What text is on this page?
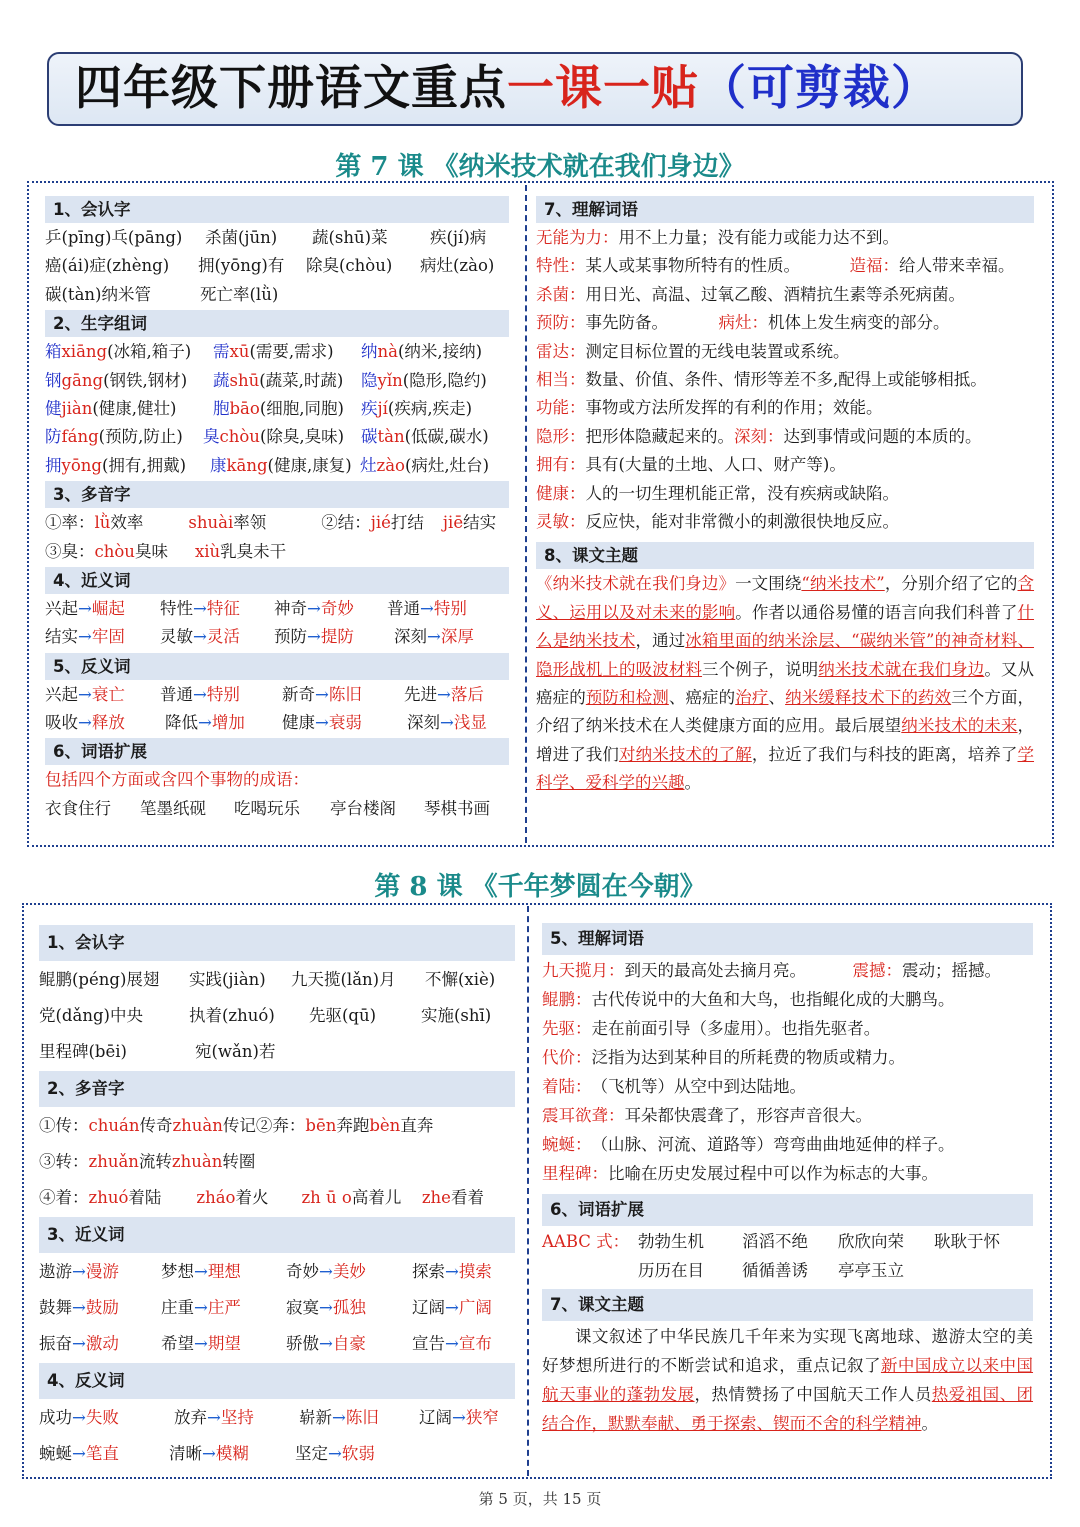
四年级下册语文重点一课一贴（可剪裁）
第 7 课 《纳米技术就在我们身边》
1、会认字
乒(pīng)乓(pāng) 杀菌(jūn) 蔬(shū)菜	疾(jí)病
癌(ái)症(zhèng) 拥(yōng)有 除臭(chòu) 病灶(zào)
碳(tàn)纳米管	死亡率(lǜ)
2、生字组词
箱xiāng(冰箱,箱子) 需xū(需要,需求) 纳nà(纳米,接纳)
钢gāng(钢铁,钢材) 蔬shū(蔬菜,时蔬) 隐yǐn(隐形,隐约)
健jiàn(健康,健壮) 胞bāo(细胞,同胞) 疾jí(疾病,疾走)
防fáng(预防,防止) 臭chòu(除臭,臭味) 碳tàn(低碳,碳水)
拥yōng(拥有,拥戴) 康kāng(健康,康复) 灶zào(病灶,灶台)
3、多音字
①率：lǜ效率	shuài率领	②结：jié打结 jiē结实
③臭：chòu臭味 xiù乳臭未干
4、近义词
兴起→崛起 特性→特征 神奇→奇妙 普通→特别
结实→牢固 灵敏→灵活 预防→提防 深刻→深厚
5、反义词
兴起→衰亡 普通→特别	新奇→陈旧	先进→落后
吸收→释放 降低→增加 健康→衰弱	深刻→浅显
6、词语扩展
包括四个方面或含四个事物的成语：
衣食住行 笔墨纸砚 吃喝玩乐 亭台楼阁 琴棋书画
7、理解词语
无能为力：用不上力量；没有能力或能力达不到。
特性：某人或某事物所特有的性质。	造福：给人带来幸福。
杀菌：用日光、高温、过氧乙酸、酒精抗生素等杀死病菌。
预防：事先防备。	病灶：机体上发生病变的部分。
雷达：测定目标位置的无线电装置或系统。
相当：数量、价值、条件、情形等差不多,配得上或能够相抵。
功能：事物或方法所发挥的有利的作用；效能。
隐形：把形体隐藏起来的。深刻：达到事情或问题的本质的。
拥有：具有(大量的土地、人口、财产等)。
健康：人的一切生理机能正常，没有疾病或缺陷。
灵敏：反应快，能对非常微小的刺激很快地反应。
8、课文主题
《纳米技术就在我们身边》一文围绕“纳米技术”，分别介绍了它的含义、运用以及对未来的影响。作者以通俗易懂的语言向我们科普了什么是纳米技术，通过冰箱里面的纳米涂层、“碳纳米管”的神奇材料、隐形战机上的吸波材料三个例子，说明纳米技术就在我们身边。又从癌症的预防和检测、癌症的治疗、纳米缓释技术下的药效三个方面，介绍了纳米技术在人类健康方面的应用。最后展望纳米技术的未来，增进了我们对纳米技术的了解，拉近了我们与科技的距离，培养了学科学、爱科学的兴趣。
第 8 课 《千年梦圆在今朝》
1、会认字
鲲鹏(péng)展翅 实践(jiàn) 九天揽(lǎn)月 不懈(xiè)
党(dǎng)中央	执着(zhuó) 先驱(qū)	实施(shī)
里程碑(bēi)	宛(wǎn)若
2、多音字
①传：chuán传奇zhuàn传记②奔：bēn奔跑bèn直奔
③转：zhuǎn流转zhuàn转圈
④着：zhuó着陆zháo着火zh ū o高着儿zhe看着
3、近义词
遨游→漫游	梦想→理想	奇妙→美妙	探索→摸索
鼓舞→鼓励	庄重→庄严	寂寞→孤独	辽阔→广阔
振奋→激动	希望→期望	骄傲→自豪	宣告→宣布
4、反义词
成功→失败	放弃→坚持	崭新→陈旧 辽阔→狭窄
蜿蜒→笔直	清晰→模糊	坚定→软弱
5、理解词语
九天揽月：到天的最高处去摘月亮。	震撼：震动；摇撼。
鲲鹏：古代传说中的大鱼和大鸟，也指鲲化成的大鹏鸟。
先驱：走在前面引导（多虚用）。也指先驱者。
代价：泛指为达到某种目的所耗费的物质或精力。
着陆：（飞机等）从空中到达陆地。
震耳欲聋：耳朵都快震聋了，形容声音很大。
蜿蜒：（山脉、河流、道路等）弯弯曲曲地延伸的样子。
里程碑：比喻在历史发展过程中可以作为标志的大事。
6、词语扩展
AABC 式： 勃勃生机 滔滔不绝 欣欣向荣 耿耿于怀
历历在目 循循善诱 亭亭玉立
7、课文主题
课文叙述了中华民族几千年来为实现飞离地球、遨游太空的美好梦想所进行的不断尝试和追求，重点记叙了新中国成立以来中国航天事业的蓬勃发展，热情赞扬了中国航天工作人员热爱祖国、团结合作，默默奉献、勇于探索、锲而不舍的科学精神。
第 5 页，共 15 页
